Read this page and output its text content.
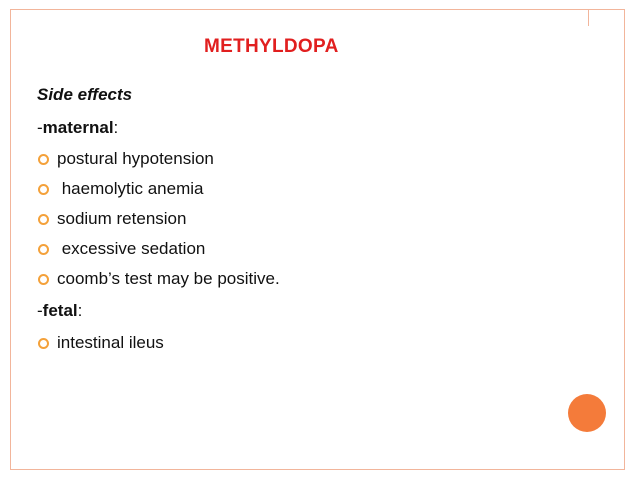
METHYLDOPA
Side effects
-maternal:
postural hypotension
haemolytic anemia
sodium retension
excessive sedation
coomb’s test may be positive.
-fetal:
intestinal ileus
